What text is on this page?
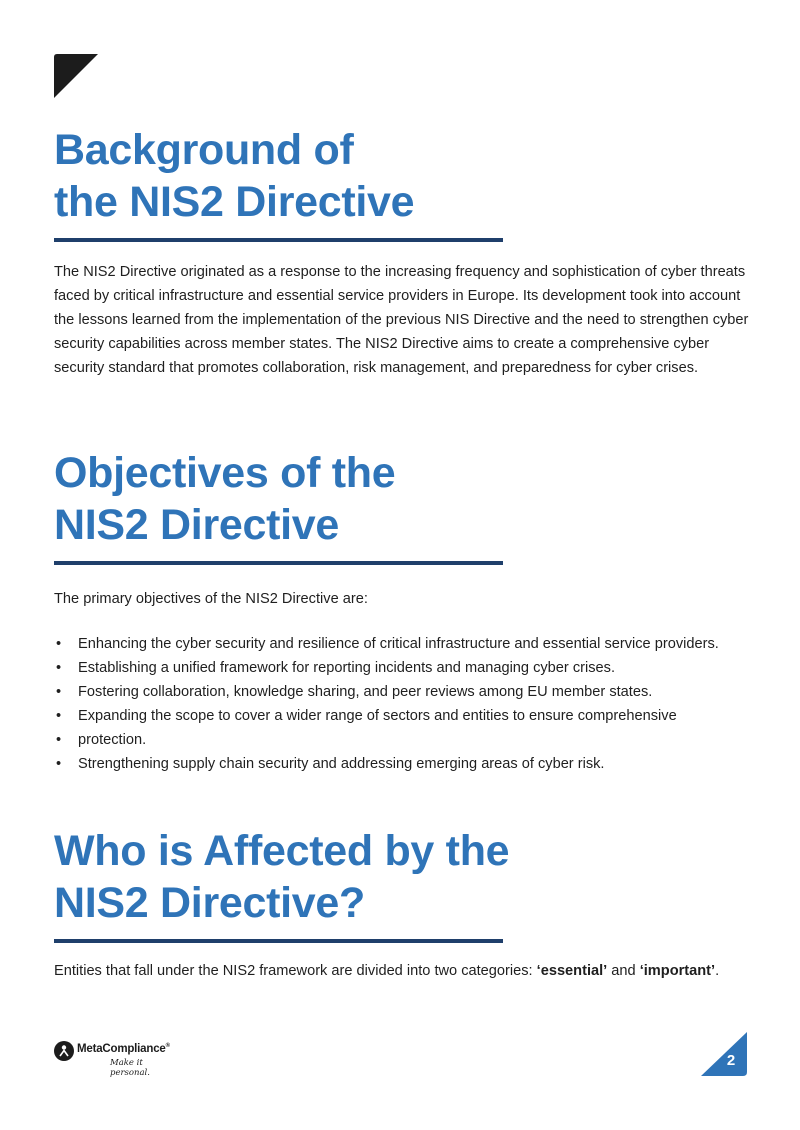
Background of
the NIS2 Directive

The NIS2 Directive originated as a response to the increasing frequency and sophistication of cyber threats faced by critical infrastructure and essential service providers in Europe. Its development took into account the lessons learned from the implementation of the previous NIS Directive and the need to strengthen cyber security capabilities across member states. The NIS2 Directive aims to create a comprehensive cyber security standard that promotes collaboration, risk management, and preparedness for cyber crises.

Objectives of the
NIS2 Directive

The primary objectives of the NIS2 Directive are:

• Enhancing the cyber security and resilience of critical infrastructure and essential service providers.
• Establishing a unified framework for reporting incidents and managing cyber crises.
• Fostering collaboration, knowledge sharing, and peer reviews among EU member states.
• Expanding the scope to cover a wider range of sectors and entities to ensure comprehensive
• protection.
• Strengthening supply chain security and addressing emerging areas of cyber risk.
Who is Affected by the
NIS2 Directive?

Entities that fall under the NIS2 framework are divided into two categories: ‘essential’ and ‘important’.

MetaCompliance®
Make it personal.
2
